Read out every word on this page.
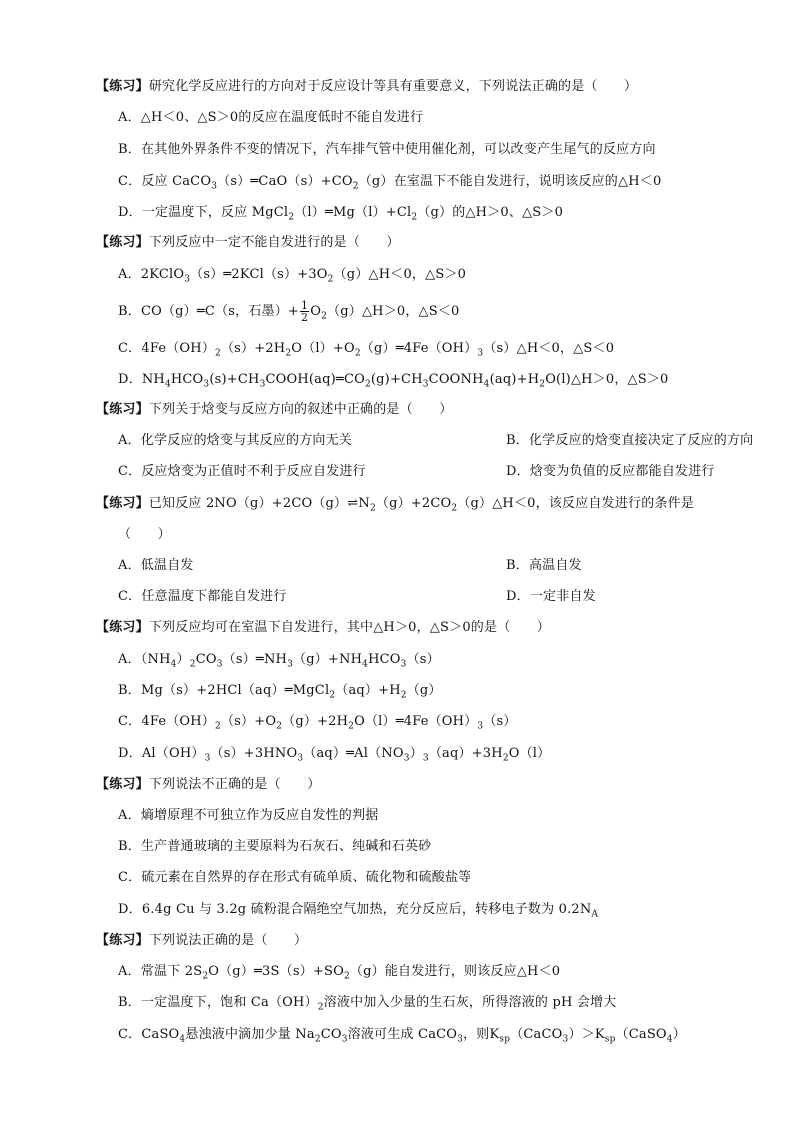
【练习】研究化学反应进行的方向对于反应设计等具有重要意义，下列说法正确的是（　　）
A．△H＜0、△S＞0的反应在温度低时不能自发进行
B．在其他外界条件不变的情况下，汽车排气管中使用催化剂，可以改变产生尾气的反应方向
C．反应 $CaCO_3(s)═CaO(s)+CO_2(g)$在室温下不能自发进行，说明该反应的△H＜0
D．一定温度下，反应 $MgCl_2(l)═Mg(l)+Cl_2(g)$的△H＞0、△S＞0
【练习】下列反应中一定不能自发进行的是（　　）
A．$2KClO_3(s)═2KCl(s)+3O_2(g)\triangle H<0$，△S＞0
B．CO（g）═C（s，石墨）+ $\frac{1}{2}$ $O_2(g)\triangle H>0$，△S＜0
C．$4Fe(OH)_2(s)+2H_2O(l)+O_2(g)═4Fe(OH)_3(s)\triangle H<0$，△S＜0
D．$NH_4HCO_3(s)+CH_3COOH(aq)═CO_2(g)+CH_3COONH_4(aq)+H_2O(l)\triangle H>0$，△S＞0
【练习】下列关于焓变与反应方向的叙述中正确的是（　　）
A．化学反应的焓变与其反应的方向无关	B．化学反应的焓变直接决定了反应的方向
C．反应焓变为正值时不利于反应自发进行	D．焓变为负值的反应都能自发进行
【练习】已知反应 $2NO(g)+2CO(g)\rightleftharpoons N_2(g)+2CO_2(g)\triangle H<0$，该反应自发进行的条件是
（　　）
A．低温自发	B．高温自发
C．任意温度下都能自发进行	D．一定非自发
【练习】下列反应均可在室温下自发进行，其中△H＞0，△S＞0的是（　　）
A．$(NH_4)_2CO_3(s)═NH_3(g)+NH_4HCO_3(s)$
B．$Mg(s)+2HCl(aq)═MgCl_2(aq)+H_2(g)$
C．$4Fe(OH)_2(s)+O_2(g)+2H_2O(l)═4Fe(OH)_3(s)$
D．$Al(OH)_3(s)+3HNO_3(aq)═Al(NO_3)_3(aq)+3H_2O(l)$
【练习】下列说法不正确的是（　　）
A．熵增原理不可独立作为反应自发性的判据
B．生产普通玻璃的主要原料为石灰石、纯碱和石英砂
C．硫元素在自然界的存在形式有硫单质、硫化物和硫酸盐等
D．6.4g Cu 与 3.2g 硫粉混合隔绝空气加热，充分反应后，转移电子数为 $0.2N_A$
【练习】下列说法正确的是（　　）
A．常温下 $2S_2O(g)═3S(s)+SO_2(g)$能自发进行，则该反应△H＜0
B．一定温度下，饱和 $Ca(OH)_2$溶液中加入少量的生石灰，所得溶液的 pH 会增大
C．CaSO$_4$悬浊液中滴加少量 $Na_2CO_3$溶液可生成 CaCO$_3$，则$K_{sp}(CaCO_3)>K_{sp}(CaSO_4)$
